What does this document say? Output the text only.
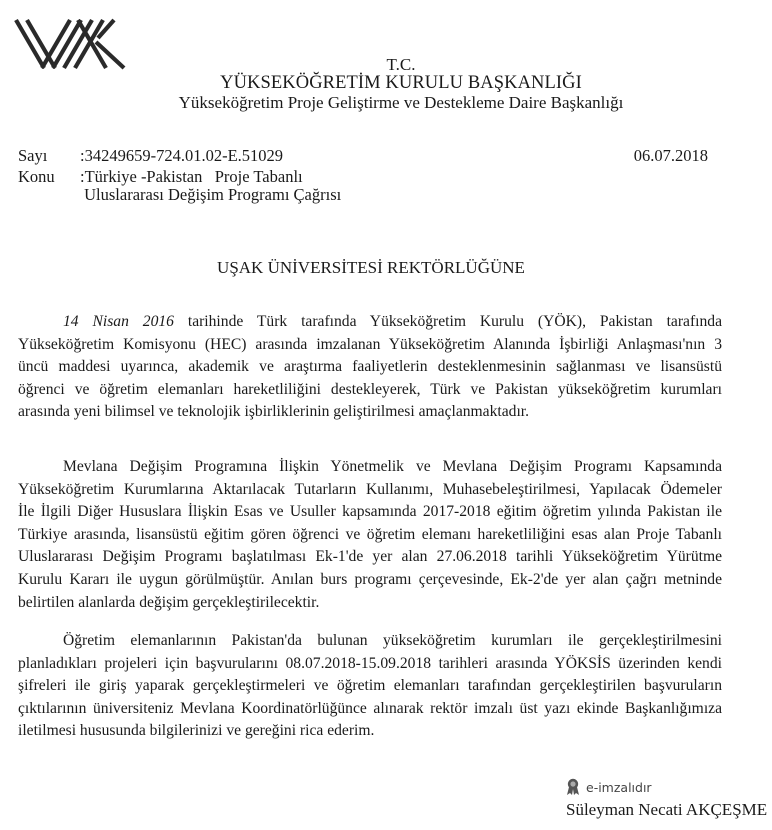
T.C.
YÜKSEKÖĞRETİM KURULU BAŞKANLIĞI
Yükseköğretim Proje Geliştirme ve Destekleme Daire Başkanlığı
Sayı :34249659-724.01.02-E.51029	06.07.2018
Konu :Türkiye -Pakistan   Proje Tabanlı
Uluslararası Değişim Programı Çağrısı
UŞAK ÜNİVERSİTESİ REKTÖRLÜĞÜNE
14 Nisan 2016 tarihinde Türk tarafında Yükseköğretim Kurulu (YÖK), Pakistan tarafında
Yükseköğretim Komisyonu (HEC) arasında imzalanan Yükseköğretim Alanında İşbirliği Anlaşması'nın 3
üncü maddesi uyarınca, akademik ve araştırma faaliyetlerin desteklenmesinin sağlanması ve lisansüstü
öğrenci ve öğretim elemanları hareketliliğini destekleyerek, Türk ve Pakistan yükseköğretim kurumları
arasında yeni bilimsel ve teknolojik işbirliklerinin geliştirilmesi amaçlanmaktadır.
Mevlana Değişim Programına İlişkin Yönetmelik ve Mevlana Değişim Programı Kapsamında
Yükseköğretim Kurumlarına Aktarılacak Tutarların Kullanımı, Muhasebeleştirilmesi, Yapılacak Ödemeler
İle İlgili Diğer Hususlara İlişkin Esas ve Usuller kapsamında 2017-2018 eğitim öğretim yılında Pakistan ile
Türkiye arasında, lisansüstü eğitim gören öğrenci ve öğretim elemanı hareketliliğini esas alan Proje Tabanlı
Uluslararası Değişim Programı başlatılması Ek-1'de yer alan 27.06.2018 tarihli Yükseköğretim Yürütme
Kurulu Kararı ile uygun görülmüştür. Anılan burs programı çerçevesinde, Ek-2'de yer alan çağrı metninde
belirtilen alanlarda değişim gerçekleştirilecektir.
Öğretim elemanlarının Pakistan'da bulunan yükseköğretim kurumları ile gerçekleştirilmesini
planladıkları projeleri için başvurularını 08.07.2018-15.09.2018 tarihleri arasında YÖKSİS üzerinden kendi
şifreleri ile giriş yaparak gerçekleştirmeleri ve öğretim elemanları tarafından gerçekleştirilen başvuruların
çıktılarının üniversiteniz Mevlana Koordinatörlüğünce alınarak rektör imzalı üst yazı ekinde Başkanlığımıza
iletilmesi hususunda bilgilerinizi ve gereğini rica ederim.
e-imzalıdır
Süleyman Necati AKÇEŞME
